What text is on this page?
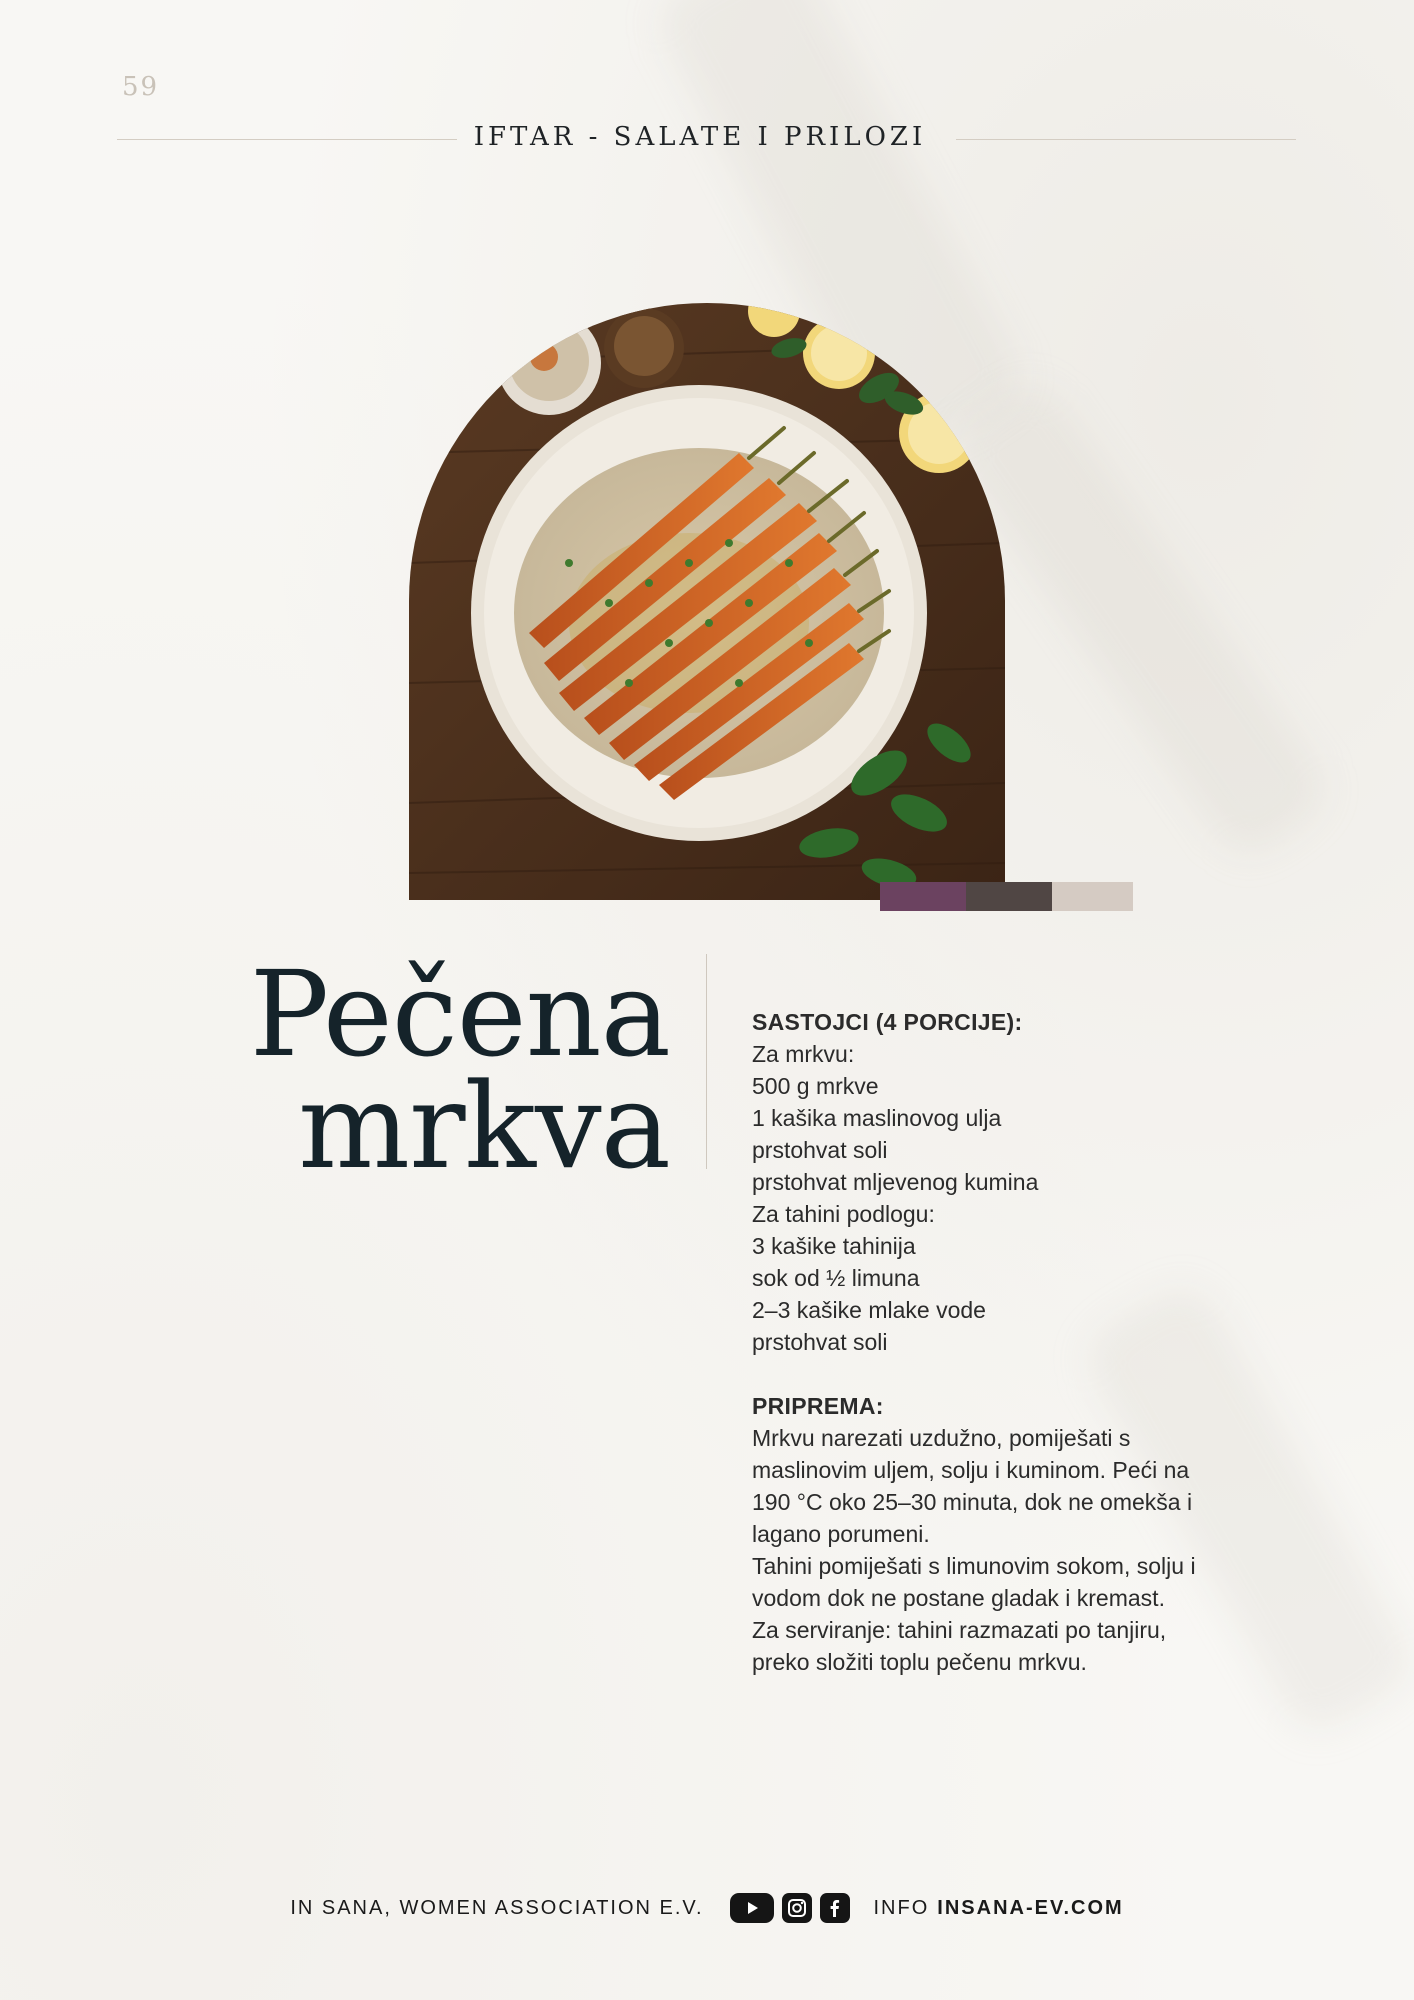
59
IFTAR - SALATE I PRILOZI
Pečena
mrkva
SASTOJCI (4 PORCIJE):
Za mrkvu:
500 g mrkve
1 kašika maslinovog ulja
prstohvat soli
prstohvat mljevenog kumina
Za tahini podlogu:
3 kašike tahinija
sok od ½ limuna
2–3 kašike mlake vode
prstohvat soli
PRIPREMA:
Mrkvu narezati uzdužno, pomiješati s
maslinovim uljem, solju i kuminom. Peći na
190 °C oko 25–30 minuta, dok ne omekša i
lagano porumeni.
Tahini pomiješati s limunovim sokom, solju i
vodom dok ne postane gladak i kremast.
Za serviranje: tahini razmazati po tanjiru,
preko složiti toplu pečenu mrkvu.
IN SANA, WOMEN ASSOCIATION E.V.	INFO INSANA-EV.COM
